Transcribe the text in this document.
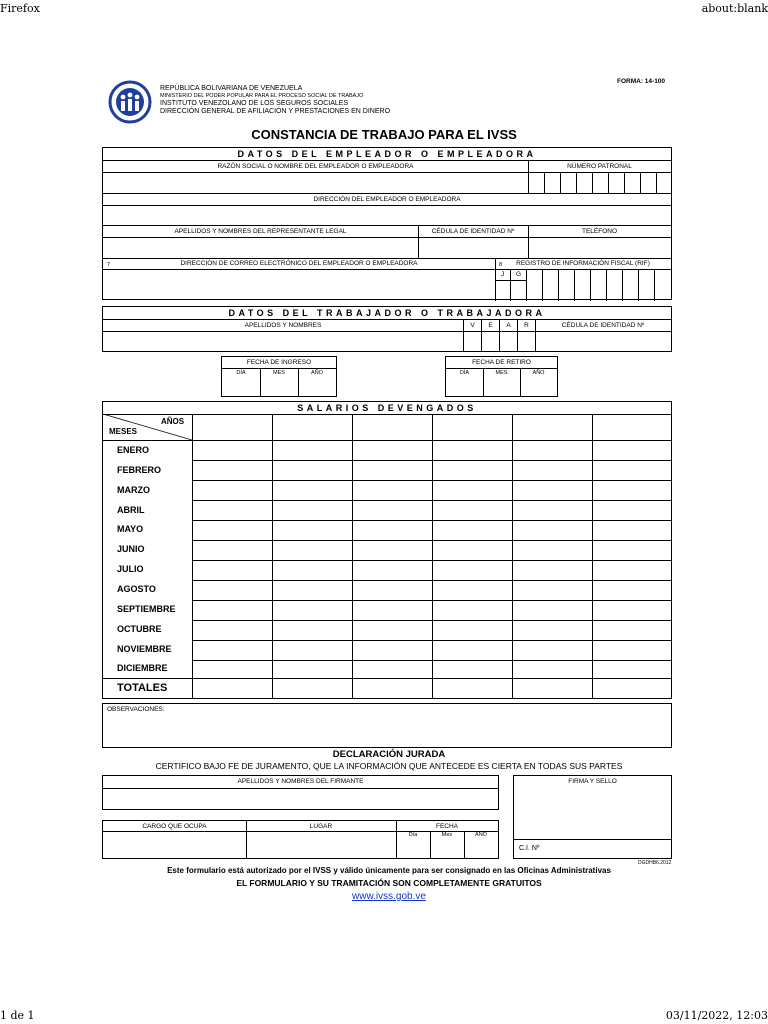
Firefox	about:blank
1 de 1	03/11/2022, 12:03
REPÚBLICA BOLIVARIANA DE VENEZUELA
MINISTERIO DEL PODER POPULAR PARA EL PROCESO SOCIAL DE TRABAJO
INSTITUTO VENEZOLANO DE LOS SEGUROS SOCIALES
DIRECCIÓN GENERAL DE AFILIACIÓN Y PRESTACIONES EN DINERO
FORMA: 14-100
CONSTANCIA DE TRABAJO PARA EL IVSS
DATOS DEL EMPLEADOR O EMPLEADORA
RAZÓN SOCIAL O NOMBRE DEL EMPLEADOR O EMPLEADORA	NÚMERO PATRONAL
DIRECCIÓN DEL EMPLEADOR O EMPLEADORA
APELLIDOS Y NOMBRES DEL REPRESENTANTE LEGAL	CÉDULA DE IDENTIDAD Nº	TELÉFONO
7	DIRECCIÓN DE CORREO ELECTRÓNICO DEL EMPLEADOR O EMPLEADORA	8	REGISTRO DE INFORMACIÓN FISCAL (RIF)
J	G
DATOS DEL TRABAJADOR O TRABAJADORA
APELLIDOS Y NOMBRES	V	E	A	R	CÉDULA DE IDENTIDAD Nº
FECHA DE INGRESO
DÍA	MES	AÑO
FECHA DE RETIRO
DÍA	MES	AÑO
SALARIOS DEVENGADOS
AÑOS
MESES
ENERO
FEBRERO
MARZO
ABRIL
MAYO
JUNIO
JULIO
AGOSTO
SEPTIEMBRE
OCTUBRE
NOVIEMBRE
DICIEMBRE
TOTALES
OBSERVACIONES:
DECLARACIÓN JURADA
CERTIFICO BAJO FE DE JURAMENTO, QUE LA INFORMACIÓN QUE ANTECEDE ES CIERTA EN TODAS SUS PARTES
APELLIDOS Y NOMBRES DEL FIRMANTE	FIRMA Y SELLO
C.I. Nº
CARGO QUE OCUPA	LUGAR	FECHA
Día	Mes	AÑO
DGDHB6.2012
Este formulario está autorizado por el IVSS y válido únicamente para ser consignado en las Oficinas Administrativas
EL FORMULARIO Y SU TRAMITACIÓN SON COMPLETAMENTE GRATUITOS
www.ivss.gob.ve
